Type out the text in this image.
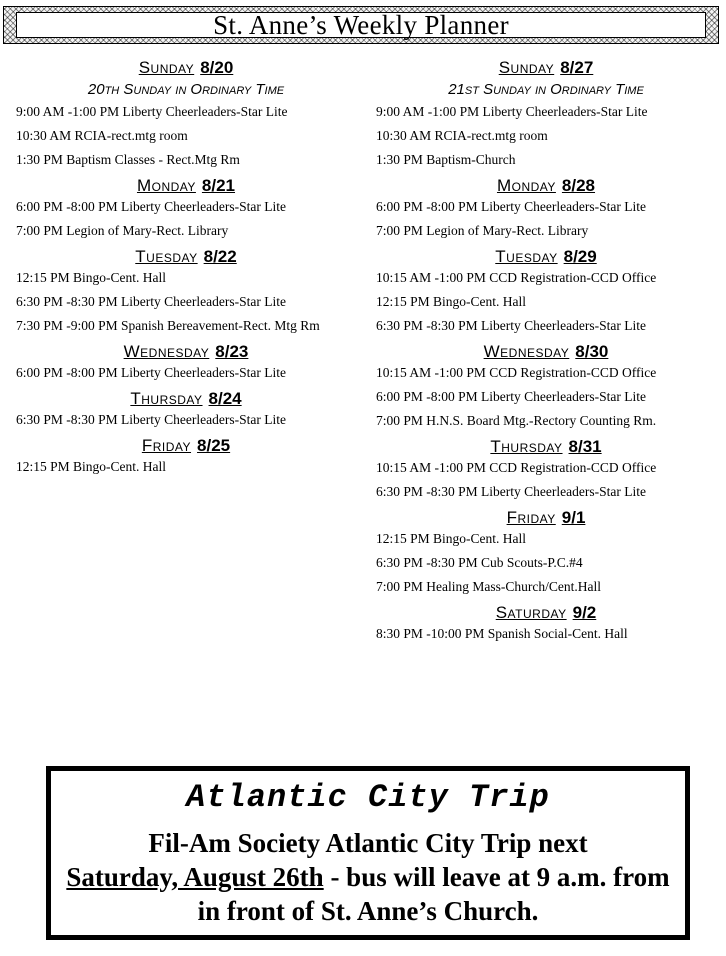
St. Anne’s Weekly Planner
Sunday 8/20
20th Sunday in Ordinary Time
9:00 AM -1:00 PM Liberty Cheerleaders-Star Lite
10:30 AM RCIA-rect.mtg room
1:30 PM Baptism Classes - Rect.Mtg Rm
Monday 8/21
6:00 PM -8:00 PM Liberty Cheerleaders-Star Lite
7:00 PM Legion of Mary-Rect. Library
Tuesday 8/22
12:15 PM Bingo-Cent. Hall
6:30 PM -8:30 PM Liberty Cheerleaders-Star Lite
7:30 PM -9:00 PM Spanish Bereavement-Rect. Mtg Rm
Wednesday 8/23
6:00 PM -8:00 PM Liberty Cheerleaders-Star Lite
Thursday 8/24
6:30 PM -8:30 PM Liberty Cheerleaders-Star Lite
Friday 8/25
12:15 PM Bingo-Cent. Hall
Sunday 8/27
21st Sunday in Ordinary Time
9:00 AM -1:00 PM Liberty Cheerleaders-Star Lite
10:30 AM RCIA-rect.mtg room
1:30 PM Baptism-Church
Monday 8/28
6:00 PM -8:00 PM Liberty Cheerleaders-Star Lite
7:00 PM Legion of Mary-Rect. Library
Tuesday 8/29
10:15 AM -1:00 PM CCD Registration-CCD Office
12:15 PM Bingo-Cent. Hall
6:30 PM -8:30 PM Liberty Cheerleaders-Star Lite
Wednesday 8/30
10:15 AM -1:00 PM CCD Registration-CCD Office
6:00 PM -8:00 PM Liberty Cheerleaders-Star Lite
7:00 PM H.N.S. Board Mtg.-Rectory Counting Rm.
Thursday 8/31
10:15 AM -1:00 PM CCD Registration-CCD Office
6:30 PM -8:30 PM Liberty Cheerleaders-Star Lite
Friday 9/1
12:15 PM Bingo-Cent. Hall
6:30 PM -8:30 PM Cub Scouts-P.C.#4
7:00 PM Healing Mass-Church/Cent.Hall
Saturday 9/2
8:30 PM -10:00 PM Spanish Social-Cent. Hall
Atlantic City Trip
Fil-Am Society Atlantic City Trip next
Saturday, August 26th - bus will leave at 9 a.m. from in front of St. Anne’s Church.
